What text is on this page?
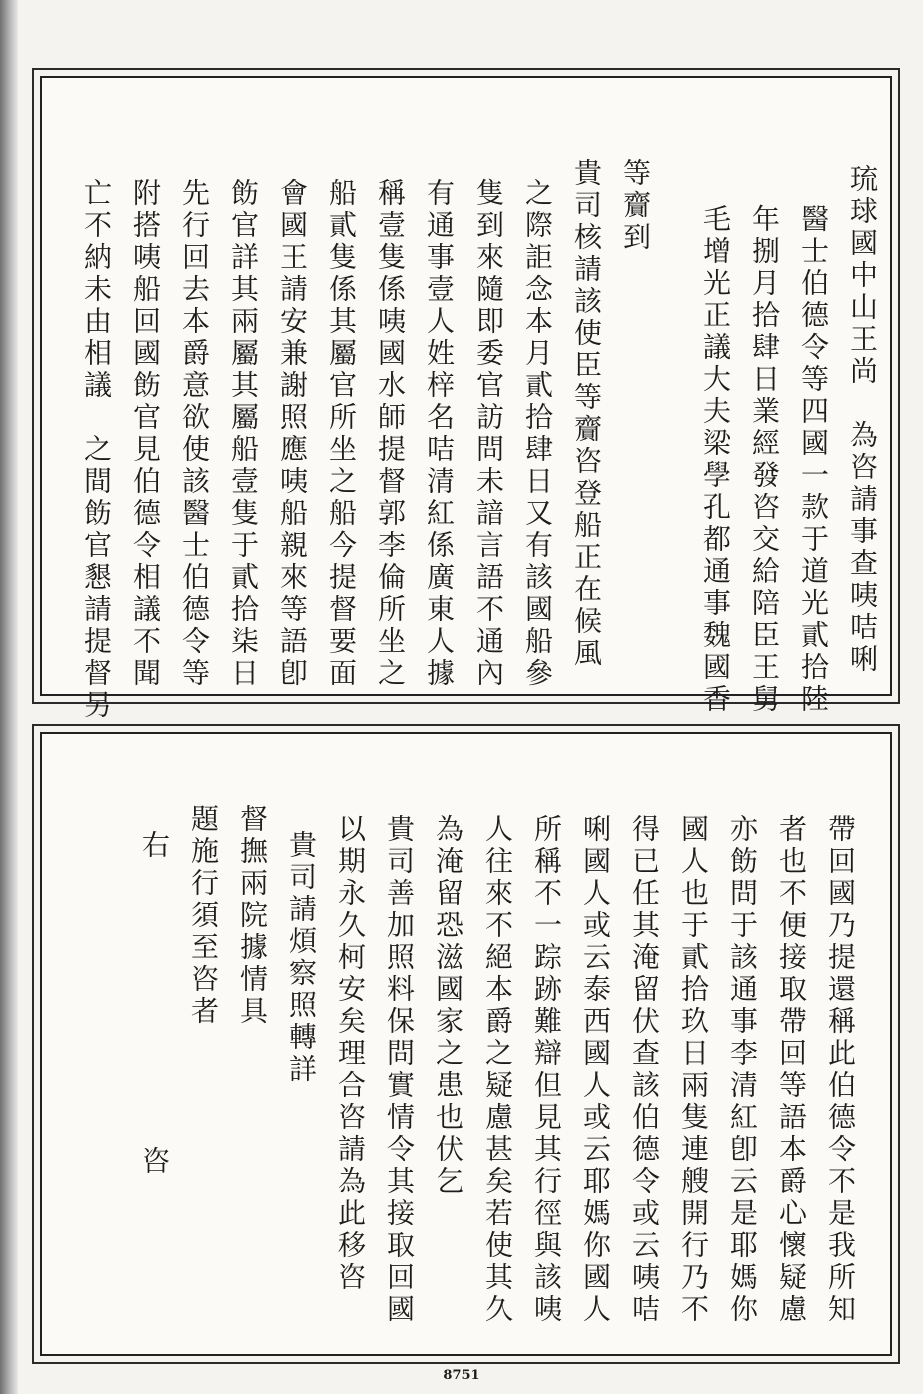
琉球國中山王尚　為咨請事查咦咭唎
醫士伯德令等四國一款于道光貳拾陸
年捌月拾肆日業經發咨交給陪臣王舅
毛增光正議大夫梁學孔都通事魏國香
等齎到
貴司核請該使臣等齎咨登船正在候風
之際詎念本月貳拾肆日又有該國船參
隻到來隨即委官訪問未諳言語不通內
有通事壹人姓梓名咭清紅係廣東人據
稱壹隻係咦國水師提督郭李倫所坐之
船貳隻係其屬官所坐之船今提督要面
會國王請安兼謝照應咦船親來等語卽
飭官詳其兩屬其屬船壹隻于貳拾柒日
先行回去本爵意欲使該醫士伯德令等
附搭咦船回國飭官見伯德令相議不聞
亡不納未由相議　之間飭官懇請提督另
帶回國乃提還稱此伯德令不是我所知
者也不便接取帶回等語本爵心懷疑慮
亦飭問于該通事李清紅卽云是耶媽你
國人也于貳拾玖日兩隻連艘開行乃不
得已任其淹留伏查該伯德令或云咦咭
唎國人或云泰西國人或云耶媽你國人
所稱不一踪跡難辯但見其行徑與該咦
人往來不絕本爵之疑慮甚矣若使其久
為淹留恐滋國家之患也伏乞
貴司善加照料保問實情令其接取回國
以期永久柯安矣理合咨請為此移咨
貴司請煩察照轉詳
督撫兩院據情具
題施行須至咨者
右
咨
8751
